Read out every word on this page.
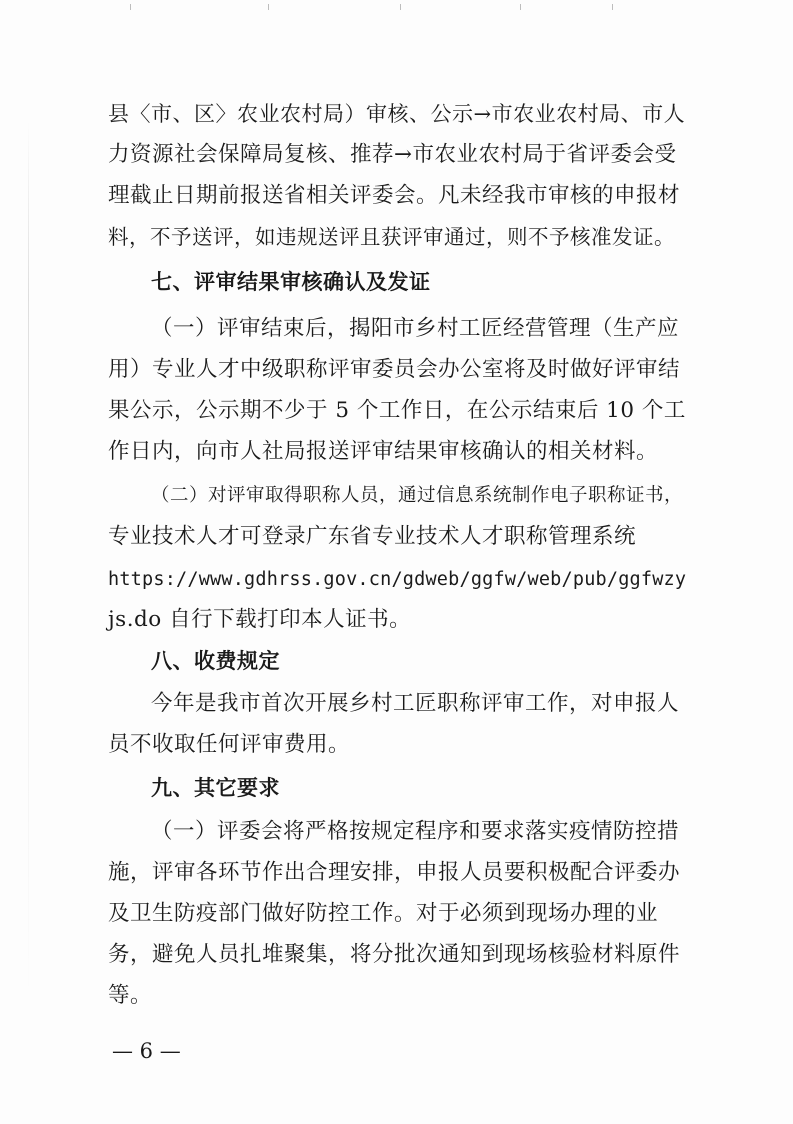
县〈市、区〉农业农村局）审核、公示→市农业农村局、市人
力资源社会保障局复核、推荐→市农业农村局于省评委会受
理截止日期前报送省相关评委会。凡未经我市审核的申报材
料，不予送评，如违规送评且获评审通过，则不予核准发证。
七、评审结果审核确认及发证
（一）评审结束后，揭阳市乡村工匠经营管理（生产应
用）专业人才中级职称评审委员会办公室将及时做好评审结
果公示，公示期不少于 5 个工作日，在公示结束后 10 个工
作日内，向市人社局报送评审结果审核确认的相关材料。
（二）对评审取得职称人员，通过信息系统制作电子职称证书，
专业技术人才可登录广东省专业技术人才职称管理系统
https://www.gdhrss.gov.cn/gdweb/ggfw/web/pub/ggfwzy
js.do 自行下载打印本人证书。
八、收费规定
今年是我市首次开展乡村工匠职称评审工作，对申报人
员不收取任何评审费用。
九、其它要求
（一）评委会将严格按规定程序和要求落实疫情防控措
施，评审各环节作出合理安排，申报人员要积极配合评委办
及卫生防疫部门做好防控工作。对于必须到现场办理的业
务，避免人员扎堆聚集，将分批次通知到现场核验材料原件
等。
— 6 —
